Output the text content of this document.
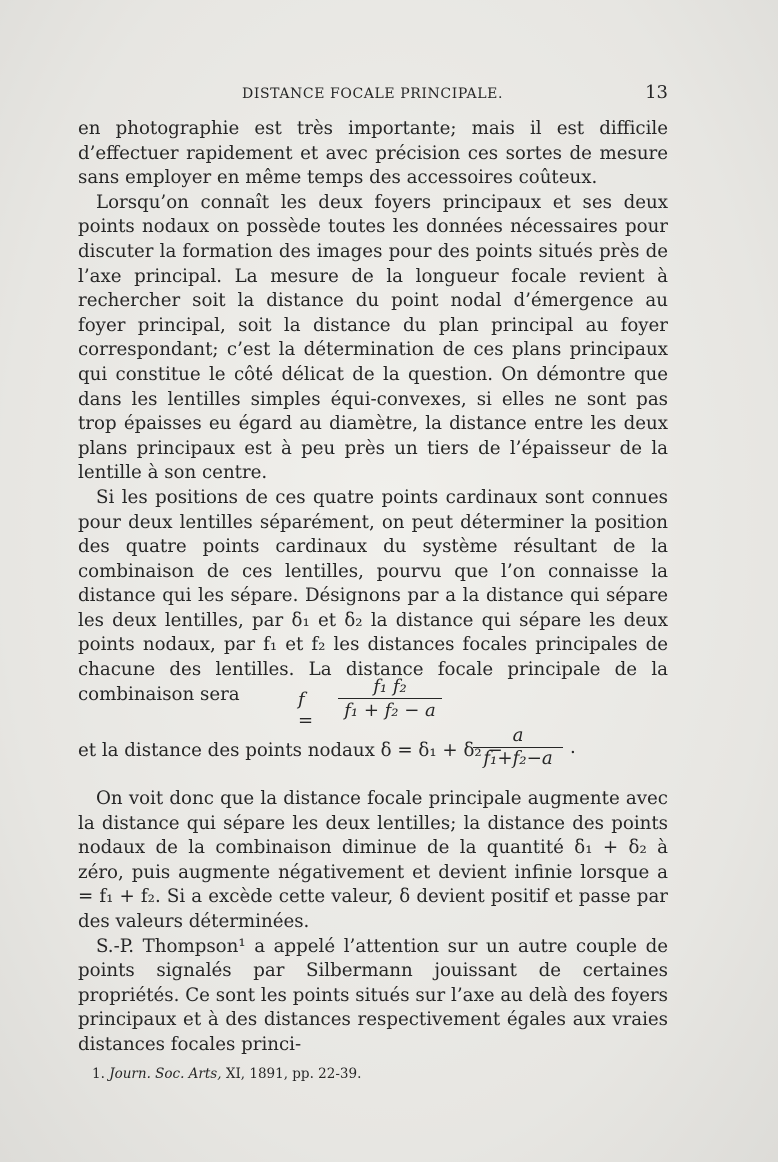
DISTANCE FOCALE PRINCIPALE.	13

en photographie est très importante; mais il est difficile d’effectuer rapidement et avec précision ces sortes de mesure sans employer en même temps des accessoires coûteux.

Lorsqu’on connaît les deux foyers principaux et ses deux points nodaux on possède toutes les données nécessaires pour discuter la formation des images pour des points situés près de l’axe principal. La mesure de la longueur focale revient à rechercher soit la distance du point nodal d’émergence au foyer principal, soit la distance du plan principal au foyer correspondant; c’est la détermination de ces plans principaux qui constitue le côté délicat de la question. On démontre que dans les lentilles simples équi-convexes, si elles ne sont pas trop épaisses eu égard au diamètre, la distance entre les deux plans principaux est à peu près un tiers de l’épaisseur de la lentille à son centre.

Si les positions de ces quatre points cardinaux sont connues pour deux lentilles séparément, on peut déterminer la position des quatre points cardinaux du système résultant de la combinaison de ces lentilles, pourvu que l’on connaisse la distance qui les sépare. Désignons par a la distance qui sépare les deux lentilles, par δ₁ et δ₂ la distance qui sépare les deux points nodaux, par f₁ et f₂ les distances focales principales de chacune des lentilles. La distance focale principale de la combinaison sera	f =
f₁ f₂
f₁ + f₂ − a
et la distance des points nodaux δ = δ₁ + δ₂ −
a
f₁+f₂−a
.

On voit donc que la distance focale principale augmente avec la distance qui sépare les deux lentilles; la distance des points nodaux de la combinaison diminue de la quantité δ₁ + δ₂ à zéro, puis augmente négativement et devient infinie lorsque a = f₁ + f₂. Si a excède cette valeur, δ devient positif et passe par des valeurs déterminées.

S.-P. Thompson¹ a appelé l’attention sur un autre couple de points signalés par Silbermann jouissant de certaines propriétés. Ce sont les points situés sur l’axe au delà des foyers principaux et à des distances respectivement égales aux vraies distances focales princi-

1. Journ. Soc. Arts, XI, 1891, pp. 22-39.
